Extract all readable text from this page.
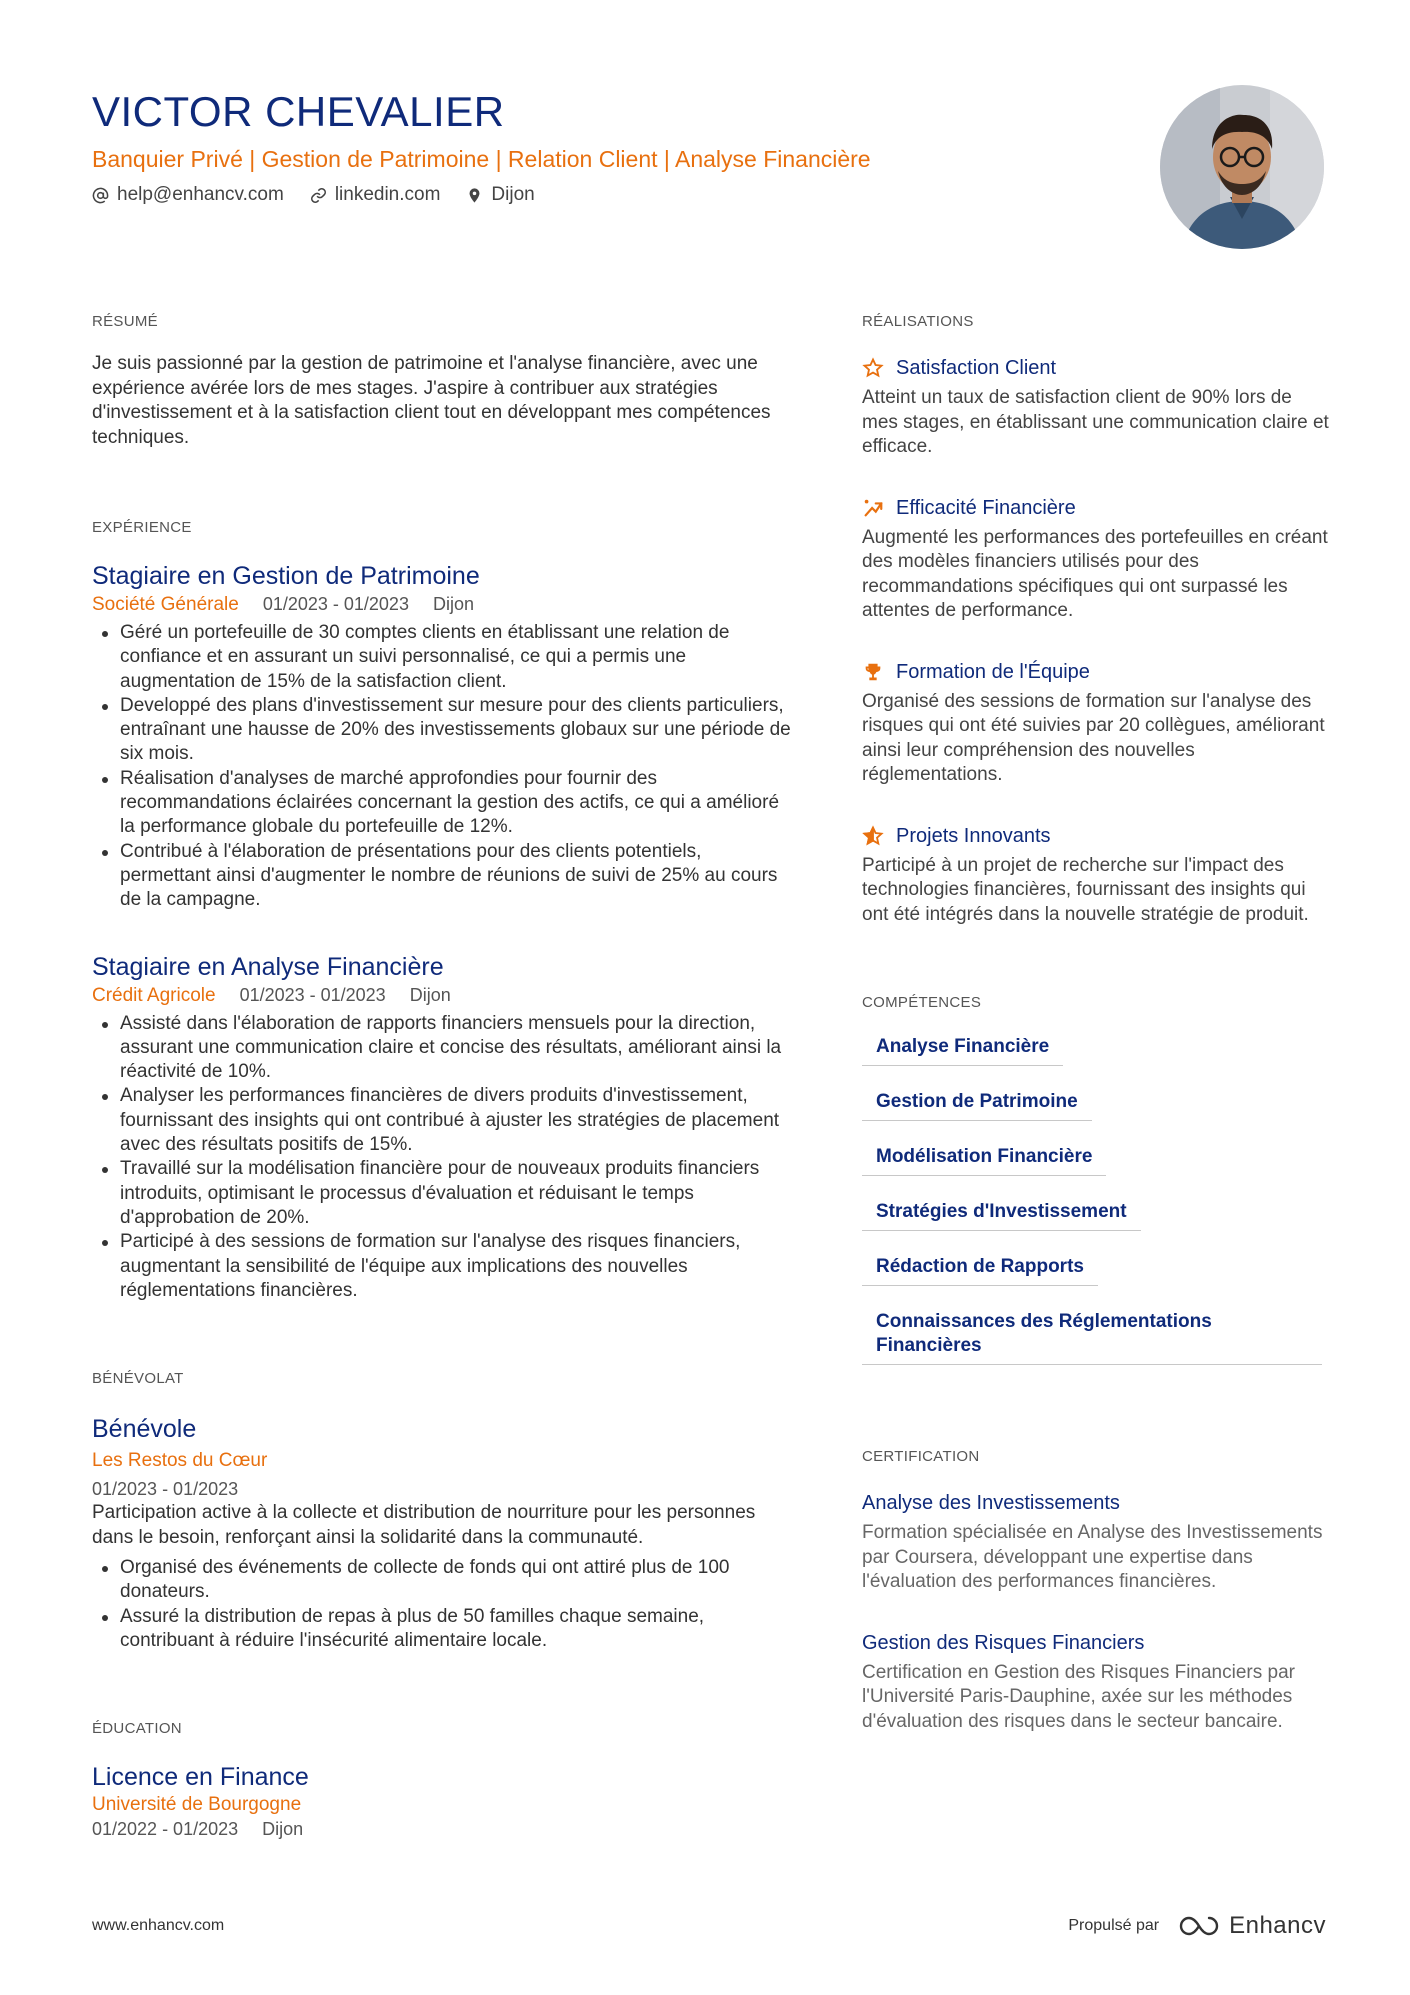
VICTOR CHEVALIER
Banquier Privé | Gestion de Patrimoine | Relation Client | Analyse Financière
help@enhancv.com	linkedin.com	Dijon
RÉSUMÉ
Je suis passionné par la gestion de patrimoine et l'analyse financière, avec une expérience avérée lors de mes stages. J'aspire à contribuer aux stratégies d'investissement et à la satisfaction client tout en développant mes compétences techniques.
EXPÉRIENCE
Stagiaire en Gestion de Patrimoine
Société Générale 01/2023 - 01/2023 Dijon
Géré un portefeuille de 30 comptes clients en établissant une relation de confiance et en assurant un suivi personnalisé, ce qui a permis une augmentation de 15% de la satisfaction client.
Developpé des plans d'investissement sur mesure pour des clients particuliers, entraînant une hausse de 20% des investissements globaux sur une période de six mois.
Réalisation d'analyses de marché approfondies pour fournir des recommandations éclairées concernant la gestion des actifs, ce qui a amélioré la performance globale du portefeuille de 12%.
Contribué à l'élaboration de présentations pour des clients potentiels, permettant ainsi d'augmenter le nombre de réunions de suivi de 25% au cours de la campagne.
Stagiaire en Analyse Financière
Crédit Agricole 01/2023 - 01/2023 Dijon
Assisté dans l'élaboration de rapports financiers mensuels pour la direction, assurant une communication claire et concise des résultats, améliorant ainsi la réactivité de 10%.
Analyser les performances financières de divers produits d'investissement, fournissant des insights qui ont contribué à ajuster les stratégies de placement avec des résultats positifs de 15%.
Travaillé sur la modélisation financière pour de nouveaux produits financiers introduits, optimisant le processus d'évaluation et réduisant le temps d'approbation de 20%.
Participé à des sessions de formation sur l'analyse des risques financiers, augmentant la sensibilité de l'équipe aux implications des nouvelles réglementations financières.
BÉNÉVOLAT
Bénévole
Les Restos du Cœur
01/2023 - 01/2023
Participation active à la collecte et distribution de nourriture pour les personnes dans le besoin, renforçant ainsi la solidarité dans la communauté.
Organisé des événements de collecte de fonds qui ont attiré plus de 100 donateurs.
Assuré la distribution de repas à plus de 50 familles chaque semaine, contribuant à réduire l'insécurité alimentaire locale.
ÉDUCATION
Licence en Finance
Université de Bourgogne
01/2022 - 01/2023 Dijon
RÉALISATIONS
Satisfaction Client
Atteint un taux de satisfaction client de 90% lors de mes stages, en établissant une communication claire et efficace.
Efficacité Financière
Augmenté les performances des portefeuilles en créant des modèles financiers utilisés pour des recommandations spécifiques qui ont surpassé les attentes de performance.
Formation de l'Équipe
Organisé des sessions de formation sur l'analyse des risques qui ont été suivies par 20 collègues, améliorant ainsi leur compréhension des nouvelles réglementations.
Projets Innovants
Participé à un projet de recherche sur l'impact des technologies financières, fournissant des insights qui ont été intégrés dans la nouvelle stratégie de produit.
COMPÉTENCES
Analyse Financière
Gestion de Patrimoine
Modélisation Financière
Stratégies d'Investissement
Rédaction de Rapports
Connaissances des Réglementations Financières
CERTIFICATION
Analyse des Investissements
Formation spécialisée en Analyse des Investissements par Coursera, développant une expertise dans l'évaluation des performances financières.
Gestion des Risques Financiers
Certification en Gestion des Risques Financiers par l'Université Paris-Dauphine, axée sur les méthodes d'évaluation des risques dans le secteur bancaire.
www.enhancv.com	Propulsé par	Enhancv
